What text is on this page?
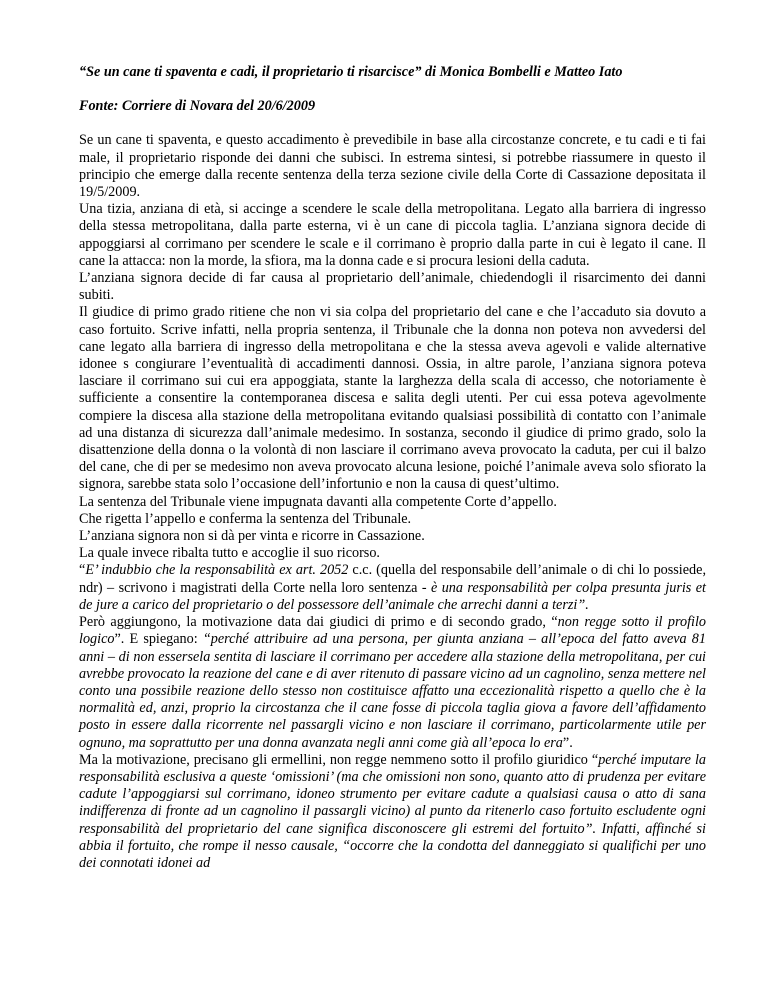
“Se un cane ti spaventa e cadi, il proprietario ti risarcisce” di Monica Bombelli e Matteo Iato

Fonte: Corriere di Novara del 20/6/2009

Se un cane ti spaventa, e questo accadimento è prevedibile in base alla circostanze concrete, e tu cadi e ti fai male, il proprietario risponde dei danni che subisci. In estrema sintesi, si potrebbe riassumere in questo il principio che emerge dalla recente sentenza della terza sezione civile della Corte di Cassazione depositata il 19/5/2009.

Una tizia, anziana di età, si accinge a scendere le scale della metropolitana. Legato alla barriera di ingresso della stessa metropolitana, dalla parte esterna, vi è un cane di piccola taglia. L’anziana signora decide di appoggiarsi al corrimano per scendere le scale e il corrimano è proprio dalla parte in cui è legato il cane. Il cane la attacca: non la morde, la sfiora, ma la donna cade e si procura lesioni della caduta.

L’anziana signora decide di far causa al proprietario dell’animale, chiedendogli il risarcimento dei danni subiti.

Il giudice di primo grado ritiene che non vi sia colpa del proprietario del cane e che l’accaduto sia dovuto a caso fortuito. Scrive infatti, nella propria sentenza, il Tribunale che la donna non poteva non avvedersi del cane legato alla barriera di ingresso della metropolitana e che la stessa aveva agevoli e valide alternative idonee s congiurare l’eventualità di accadimenti dannosi. Ossia, in altre parole, l’anziana signora poteva lasciare il corrimano sui cui era appoggiata, stante la larghezza della scala di accesso, che notoriamente è sufficiente a consentire la contemporanea discesa e salita degli utenti. Per cui essa poteva agevolmente compiere la discesa alla stazione della metropolitana evitando qualsiasi possibilità di contatto con l’animale ad una distanza di sicurezza dall’animale medesimo. In sostanza, secondo il giudice di primo grado, solo la disattenzione della donna o la volontà di non lasciare il corrimano aveva provocato la caduta, per cui il balzo del cane, che di per se medesimo non aveva provocato alcuna lesione, poiché l’animale aveva solo sfiorato la signora, sarebbe stata solo l’occasione dell’infortunio e non la causa di quest’ultimo.

La sentenza del Tribunale viene impugnata davanti alla competente Corte d’appello.

Che rigetta l’appello e conferma la sentenza del Tribunale.

L’anziana signora non si dà per vinta e ricorre in Cassazione.

La quale invece ribalta tutto e accoglie il suo ricorso.

“E’ indubbio che la responsabilità ex art. 2052 c.c. (quella del responsabile dell’animale o di chi lo possiede, ndr) – scrivono i magistrati della Corte nella loro sentenza - è una responsabilità per colpa presunta juris et de jure a carico del proprietario o del possessore dell’animale che arrechi danni a terzi”.

Però aggiungono, la motivazione data dai giudici di primo e di secondo grado, “non regge sotto il profilo logico”. E spiegano: “perché attribuire ad una persona, per giunta anziana – all’epoca del fatto aveva 81 anni – di non essersela sentita di lasciare il corrimano per accedere alla stazione della metropolitana, per cui avrebbe provocato la reazione del cane e di aver ritenuto di passare vicino ad un cagnolino, senza mettere nel conto una possibile reazione dello stesso non costituisce affatto una eccezionalità rispetto a quello che è la normalità ed, anzi, proprio la circostanza che il cane fosse di piccola taglia giova a favore dell’affidamento posto in essere dalla ricorrente nel passargli vicino e non lasciare il corrimano, particolarmente utile per ognuno, ma soprattutto per una donna avanzata negli anni come già all’epoca lo era”.

Ma la motivazione, precisano gli ermellini, non regge nemmeno sotto il profilo giuridico “perché imputare la responsabilità esclusiva a queste ‘omissioni’ (ma che omissioni non sono, quanto atto di prudenza per evitare cadute l’appoggiarsi sul corrimano, idoneo strumento per evitare cadute a qualsiasi causa o atto di sana indifferenza di fronte ad un cagnolino il passargli vicino) al punto da ritenerlo caso fortuito escludente ogni responsabilità del proprietario del cane significa disconoscere gli estremi del fortuito”. Infatti, affinché si abbia il fortuito, che rompe il nesso causale, “occorre che la condotta del danneggiato si qualifichi per uno dei connotati idonei ad
